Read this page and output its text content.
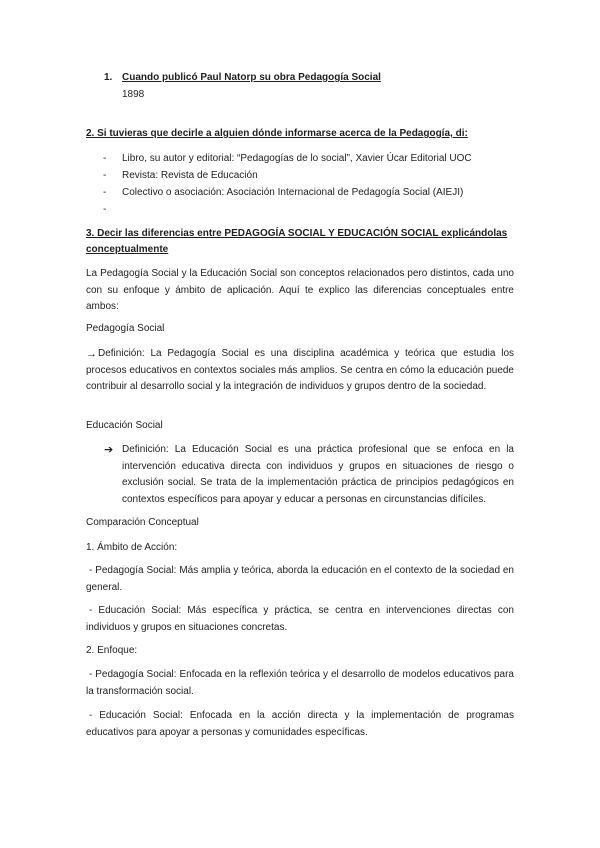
1. Cuando publicó Paul Natorp su obra Pedagogía Social
1898
2. Si tuvieras que decirle a alguien dónde informarse acerca de la Pedagogía, di:
- Libro, su autor y editorial: “Pedagogías de lo social”, Xavier Úcar Editorial UOC
- Revista: Revista de Educación
- Colectivo o asociación: Asociación Internacional de Pedagogía Social (AIEJI)
-
3. Decir las diferencias entre PEDAGOGÍA SOCIAL Y EDUCACIÓN SOCIAL explicándolas
conceptualmente
La Pedagogía Social y la Educación Social son conceptos relacionados pero distintos, cada uno con su enfoque y ámbito de aplicación. Aquí te explico las diferencias conceptuales entre ambos:
Pedagogía Social
→ Definición: La Pedagogía Social es una disciplina académica y teórica que estudia los procesos educativos en contextos sociales más amplios. Se centra en cómo la educación puede contribuir al desarrollo social y la integración de individuos y grupos dentro de la sociedad.
Educación Social
➔ Definición: La Educación Social es una práctica profesional que se enfoca en la intervención educativa directa con individuos y grupos en situaciones de riesgo o exclusión social. Se trata de la implementación práctica de principios pedagógicos en contextos específicos para apoyar y educar a personas en circunstancias difíciles.
Comparación Conceptual
1. Ámbito de Acción:
- Pedagogía Social: Más amplia y teórica, aborda la educación en el contexto de la sociedad en general.
- Educación Social: Más específica y práctica, se centra en intervenciones directas con individuos y grupos en situaciones concretas.
2. Enfoque:
- Pedagogía Social: Enfocada en la reflexión teórica y el desarrollo de modelos educativos para la transformación social.
- Educación Social: Enfocada en la acción directa y la implementación de programas educativos para apoyar a personas y comunidades específicas.
